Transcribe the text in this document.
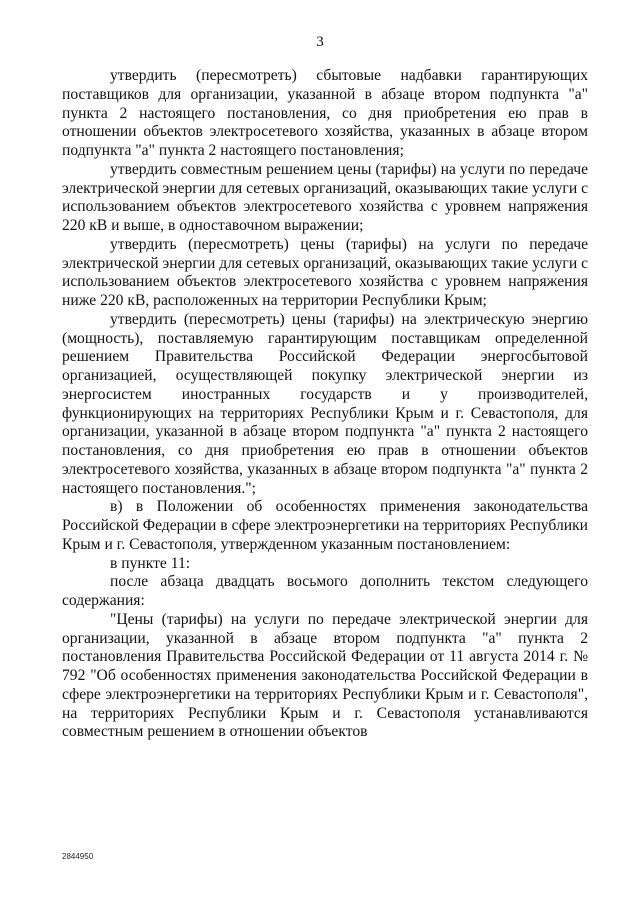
3

утвердить (пересмотреть) сбытовые надбавки гарантирующих поставщиков для организации, указанной в абзаце втором подпункта "а" пункта 2 настоящего постановления, со дня приобретения ею прав в отношении объектов электросетевого хозяйства, указанных в абзаце втором подпункта "а" пункта 2 настоящего постановления;

утвердить совместным решением цены (тарифы) на услуги по передаче электрической энергии для сетевых организаций, оказывающих такие услуги с использованием объектов электросетевого хозяйства с уровнем напряжения 220 кВ и выше, в одноставочном выражении;

утвердить (пересмотреть) цены (тарифы) на услуги по передаче электрической энергии для сетевых организаций, оказывающих такие услуги с использованием объектов электросетевого хозяйства с уровнем напряжения ниже 220 кВ, расположенных на территории Республики Крым;

утвердить (пересмотреть) цены (тарифы) на электрическую энергию (мощность), поставляемую гарантирующим поставщикам определенной решением Правительства Российской Федерации энергосбытовой организацией, осуществляющей покупку электрической энергии из энергосистем иностранных государств и у производителей, функционирующих на территориях Республики Крым и г. Севастополя, для организации, указанной в абзаце втором подпункта "а" пункта 2 настоящего постановления, со дня приобретения ею прав в отношении объектов электросетевого хозяйства, указанных в абзаце втором подпункта "а" пункта 2 настоящего постановления.";

в) в Положении об особенностях применения законодательства Российской Федерации в сфере электроэнергетики на территориях Республики Крым и г. Севастополя, утвержденном указанным постановлением:

в пункте 11:

после абзаца двадцать восьмого дополнить текстом следующего содержания:

"Цены (тарифы) на услуги по передаче электрической энергии для организации, указанной в абзаце втором подпункта "а" пункта 2 постановления Правительства Российской Федерации от 11 августа 2014 г. № 792 "Об особенностях применения законодательства Российской Федерации в сфере электроэнергетики на территориях Республики Крым и г. Севастополя", на территориях Республики Крым и г. Севастополя устанавливаются совместным решением в отношении объектов

2844950
